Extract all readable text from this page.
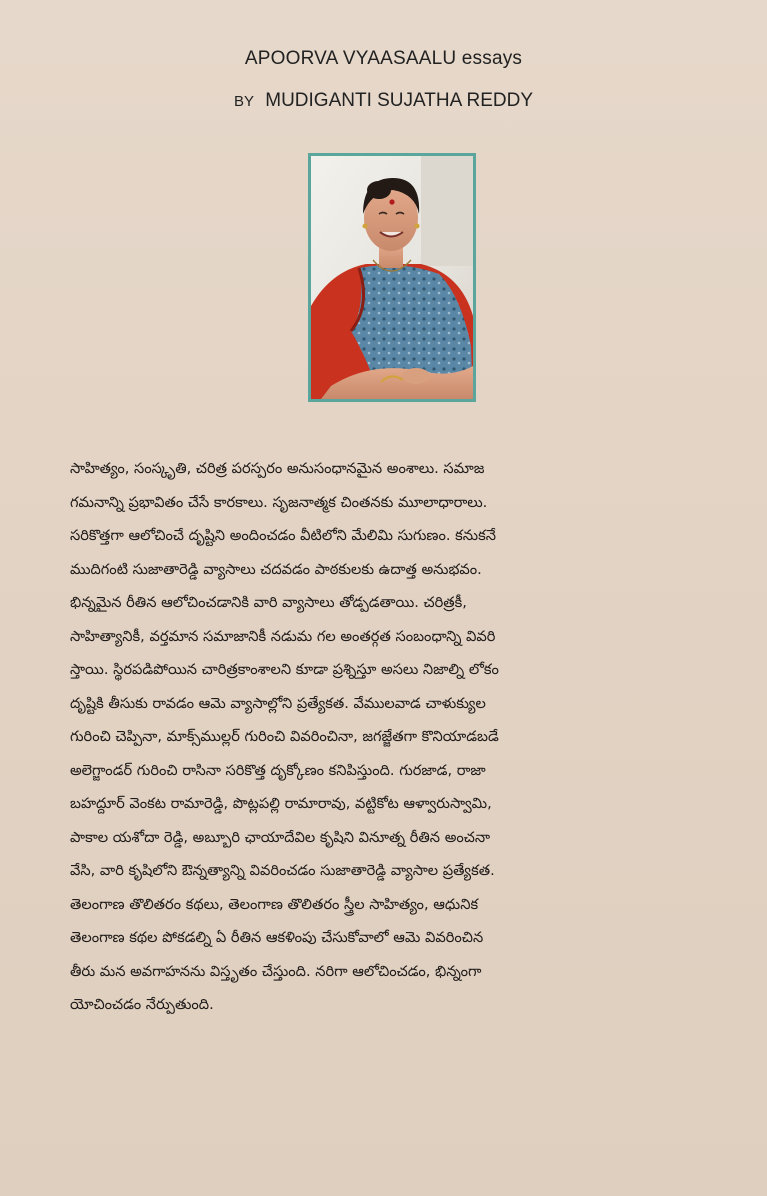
APOORVA VYAASAALU essays
BY MUDIGANTI SUJATHA REDDY
సాహిత్యం, సంస్కృతి, చరిత్ర పరస్పరం అనుసంధానమైన అంశాలు. సమాజ
గమనాన్ని ప్రభావితం చేసే కారకాలు. సృజనాత్మక చింతనకు మూలాధారాలు.
సరికొత్తగా ఆలోచించే దృష్టిని అందించడం వీటిలోని మేలిమి సుగుణం. కనుకనే
ముదిగంటి సుజాతారెడ్డి వ్యాసాలు చదవడం పాఠకులకు ఉదాత్త అనుభవం.
భిన్నమైన రీతిన ఆలోచించడానికి వారి వ్యాసాలు తోడ్పడతాయి. చరిత్రకీ,
సాహిత్యానికీ, వర్తమాన సమాజానికీ నడుమ గల అంతర్గత సంబంధాన్ని వివరి
స్తాయి. స్థిరపడిపోయిన చారిత్రకాంశాలని కూడా ప్రశ్నిస్తూ అసలు నిజాల్ని లోకం
దృష్టికి తీసుకు రావడం ఆమె వ్యాసాల్లోని ప్రత్యేకత. వేములవాడ చాళుక్యుల
గురించి చెప్పినా, మాక్స్‌ముల్లర్ గురించి వివరించినా, జగజ్జేతగా కొనియాడబడే
అలెగ్జాండర్ గురించి రాసినా సరికొత్త దృక్కోణం కనిపిస్తుంది. గురజాడ, రాజా
బహద్దూర్ వెంకట రామారెడ్డి, పొట్లపల్లి రామారావు, వట్టికోట ఆళ్వారుస్వామి,
పాకాల యశోదా రెడ్డి, అబ్బూరి ఛాయాదేవిల కృషిని వినూత్న రీతిన అంచనా
వేసి, వారి కృషిలోని ఔన్నత్యాన్ని వివరించడం సుజాతారెడ్డి వ్యాసాల ప్రత్యేకత.
తెలంగాణ తొలితరం కథలు, తెలంగాణ తొలితరం స్త్రీల సాహిత్యం, ఆధునిక
తెలంగాణ కథల పోకడల్ని ఏ రీతిన ఆకళింపు చేసుకోవాలో ఆమె వివరించిన
తీరు మన అవగాహనను విస్తృతం చేస్తుంది. నరిగా ఆలోచించడం, భిన్నంగా
యోచించడం నేర్పుతుంది.
